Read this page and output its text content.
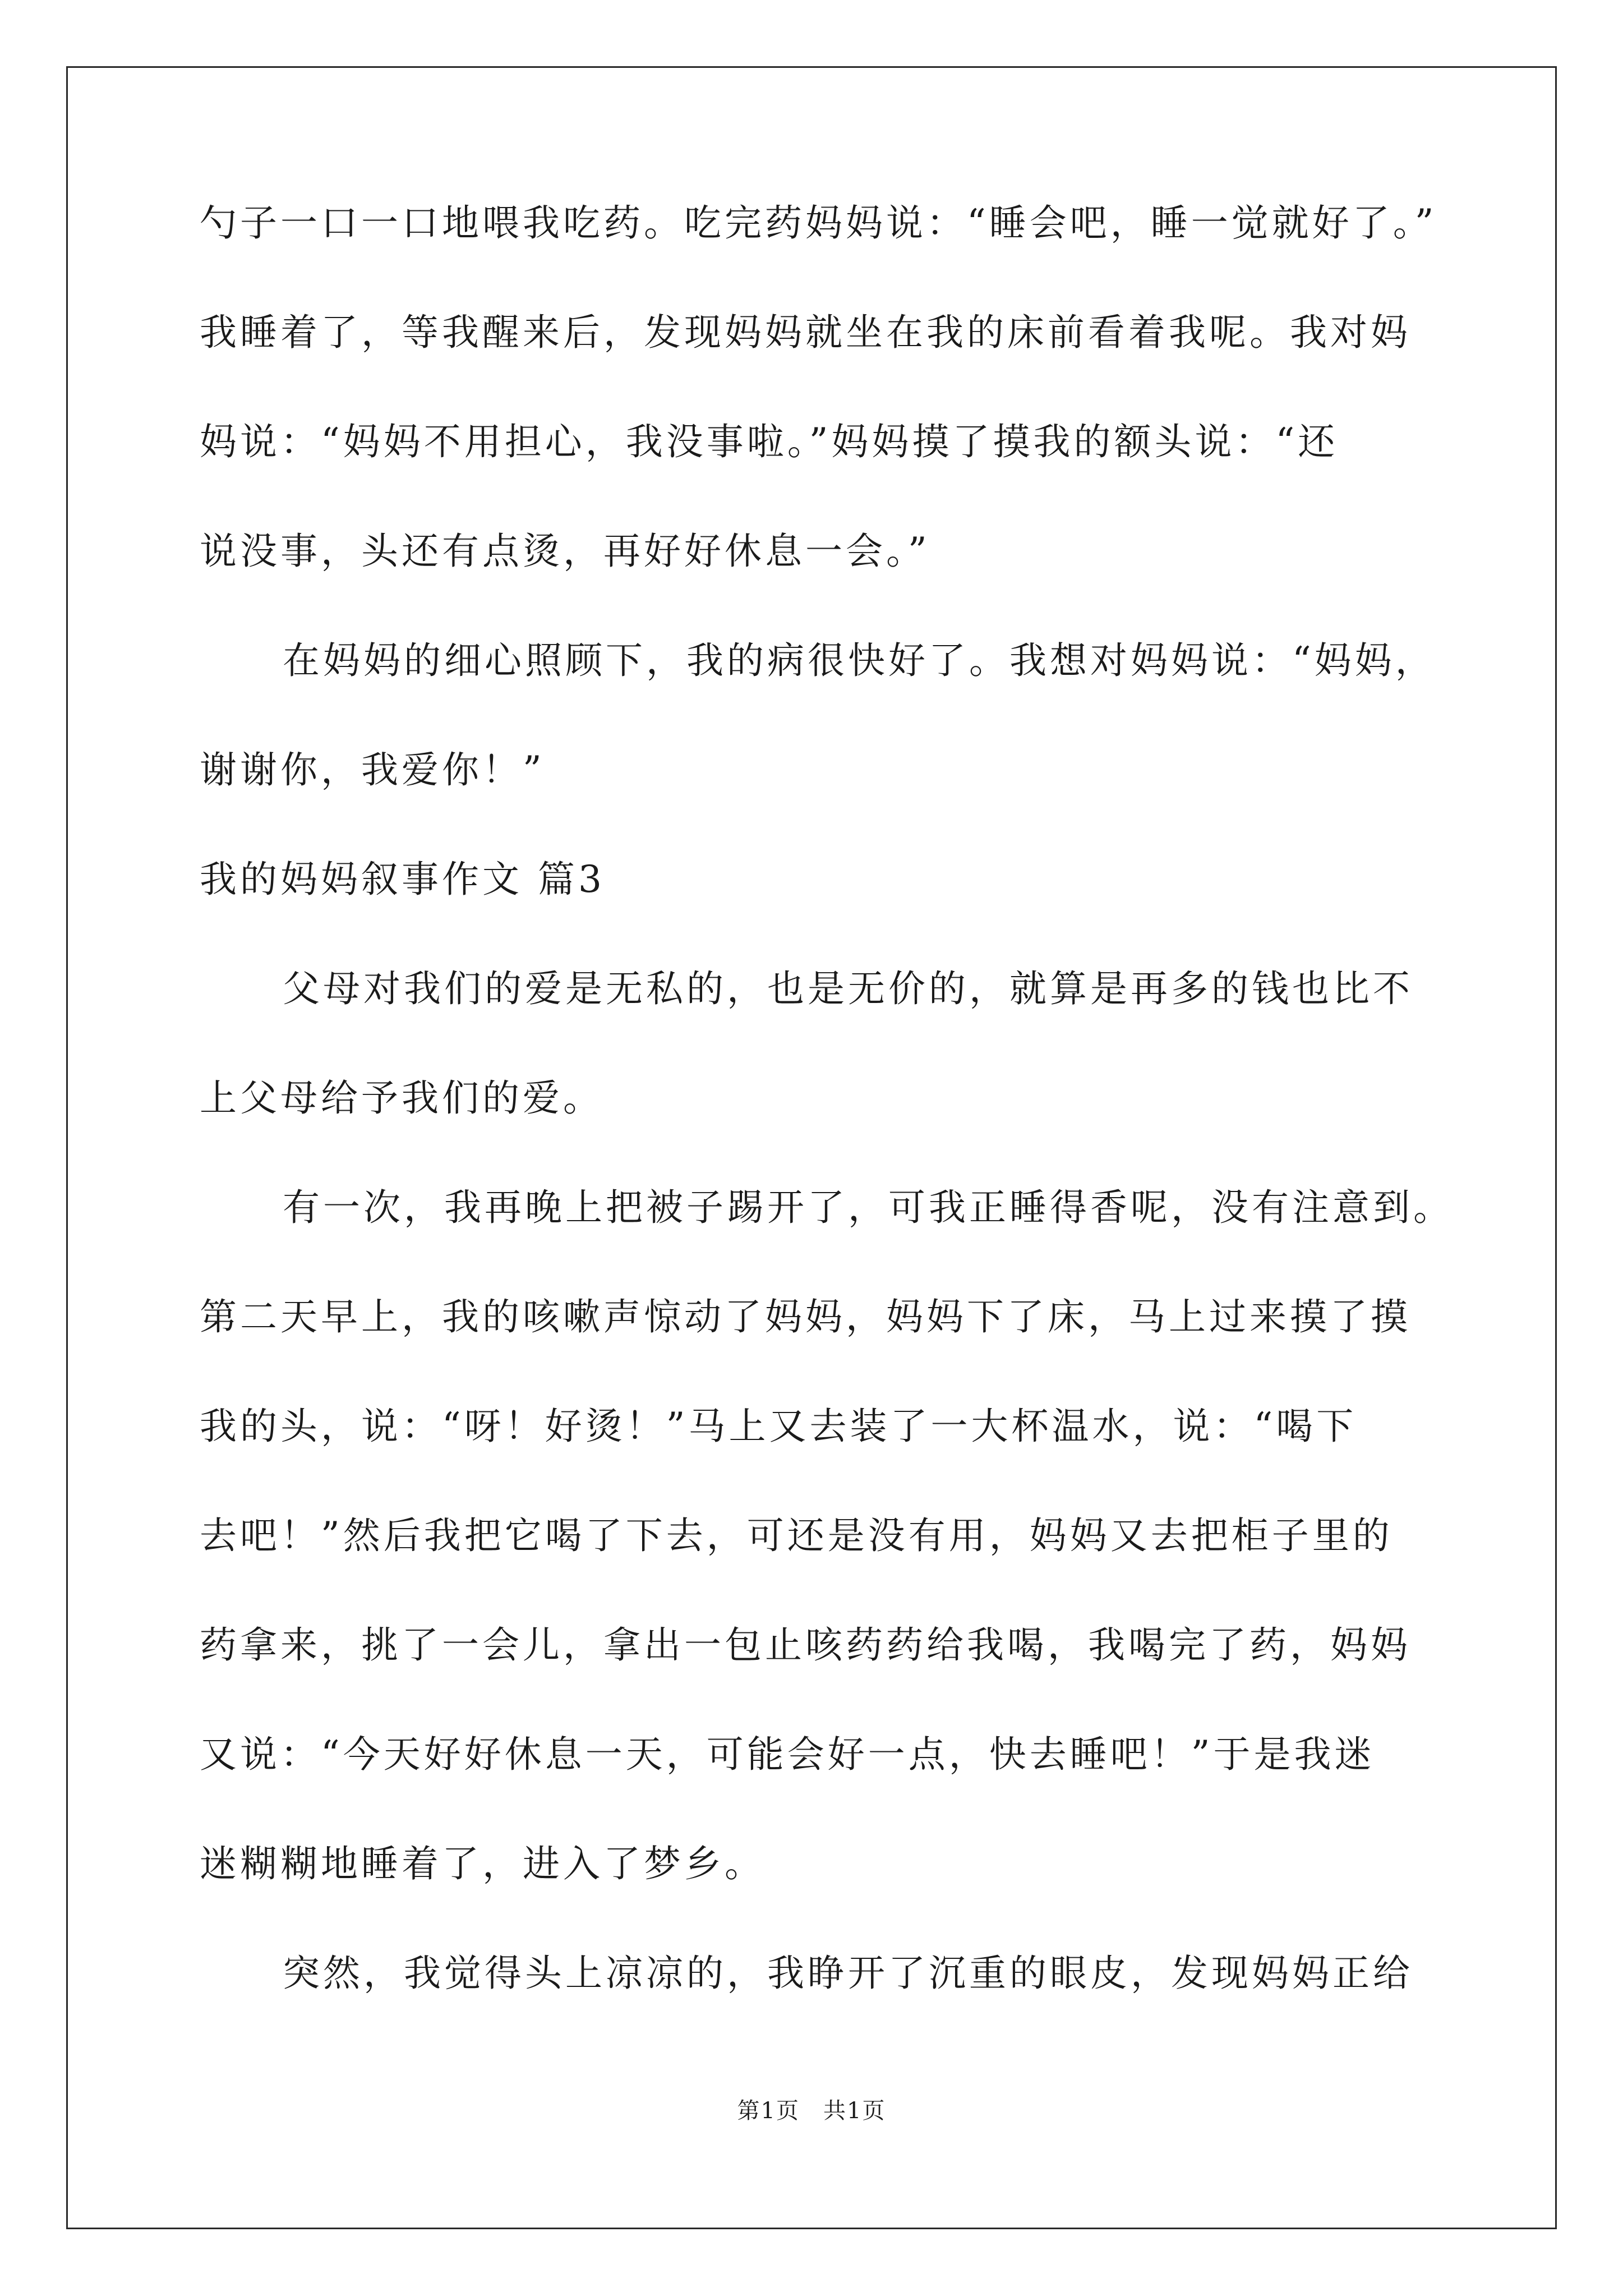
勺子一口一口地喂我吃药。吃完药妈妈说：“睡会吧，睡一觉就好了。”
我睡着了，等我醒来后，发现妈妈就坐在我的床前看着我呢。我对妈
妈说：“妈妈不用担心，我没事啦。”妈妈摸了摸我的额头说：“还
说没事，头还有点烫，再好好休息一会。”
在妈妈的细心照顾下，我的病很快好了。我想对妈妈说：“妈妈，
谢谢你，我爱你！”
我的妈妈叙事作文 篇3
父母对我们的爱是无私的，也是无价的，就算是再多的钱也比不
上父母给予我们的爱。
有一次，我再晚上把被子踢开了，可我正睡得香呢，没有注意到。
第二天早上，我的咳嗽声惊动了妈妈，妈妈下了床，马上过来摸了摸
我的头，说：“呀！好烫！”马上又去装了一大杯温水，说：“喝下
去吧！”然后我把它喝了下去，可还是没有用，妈妈又去把柜子里的
药拿来，挑了一会儿，拿出一包止咳药药给我喝，我喝完了药，妈妈
又说：“今天好好休息一天，可能会好一点，快去睡吧！”于是我迷
迷糊糊地睡着了，进入了梦乡。
突然，我觉得头上凉凉的，我睁开了沉重的眼皮，发现妈妈正给
第1页　共1页
